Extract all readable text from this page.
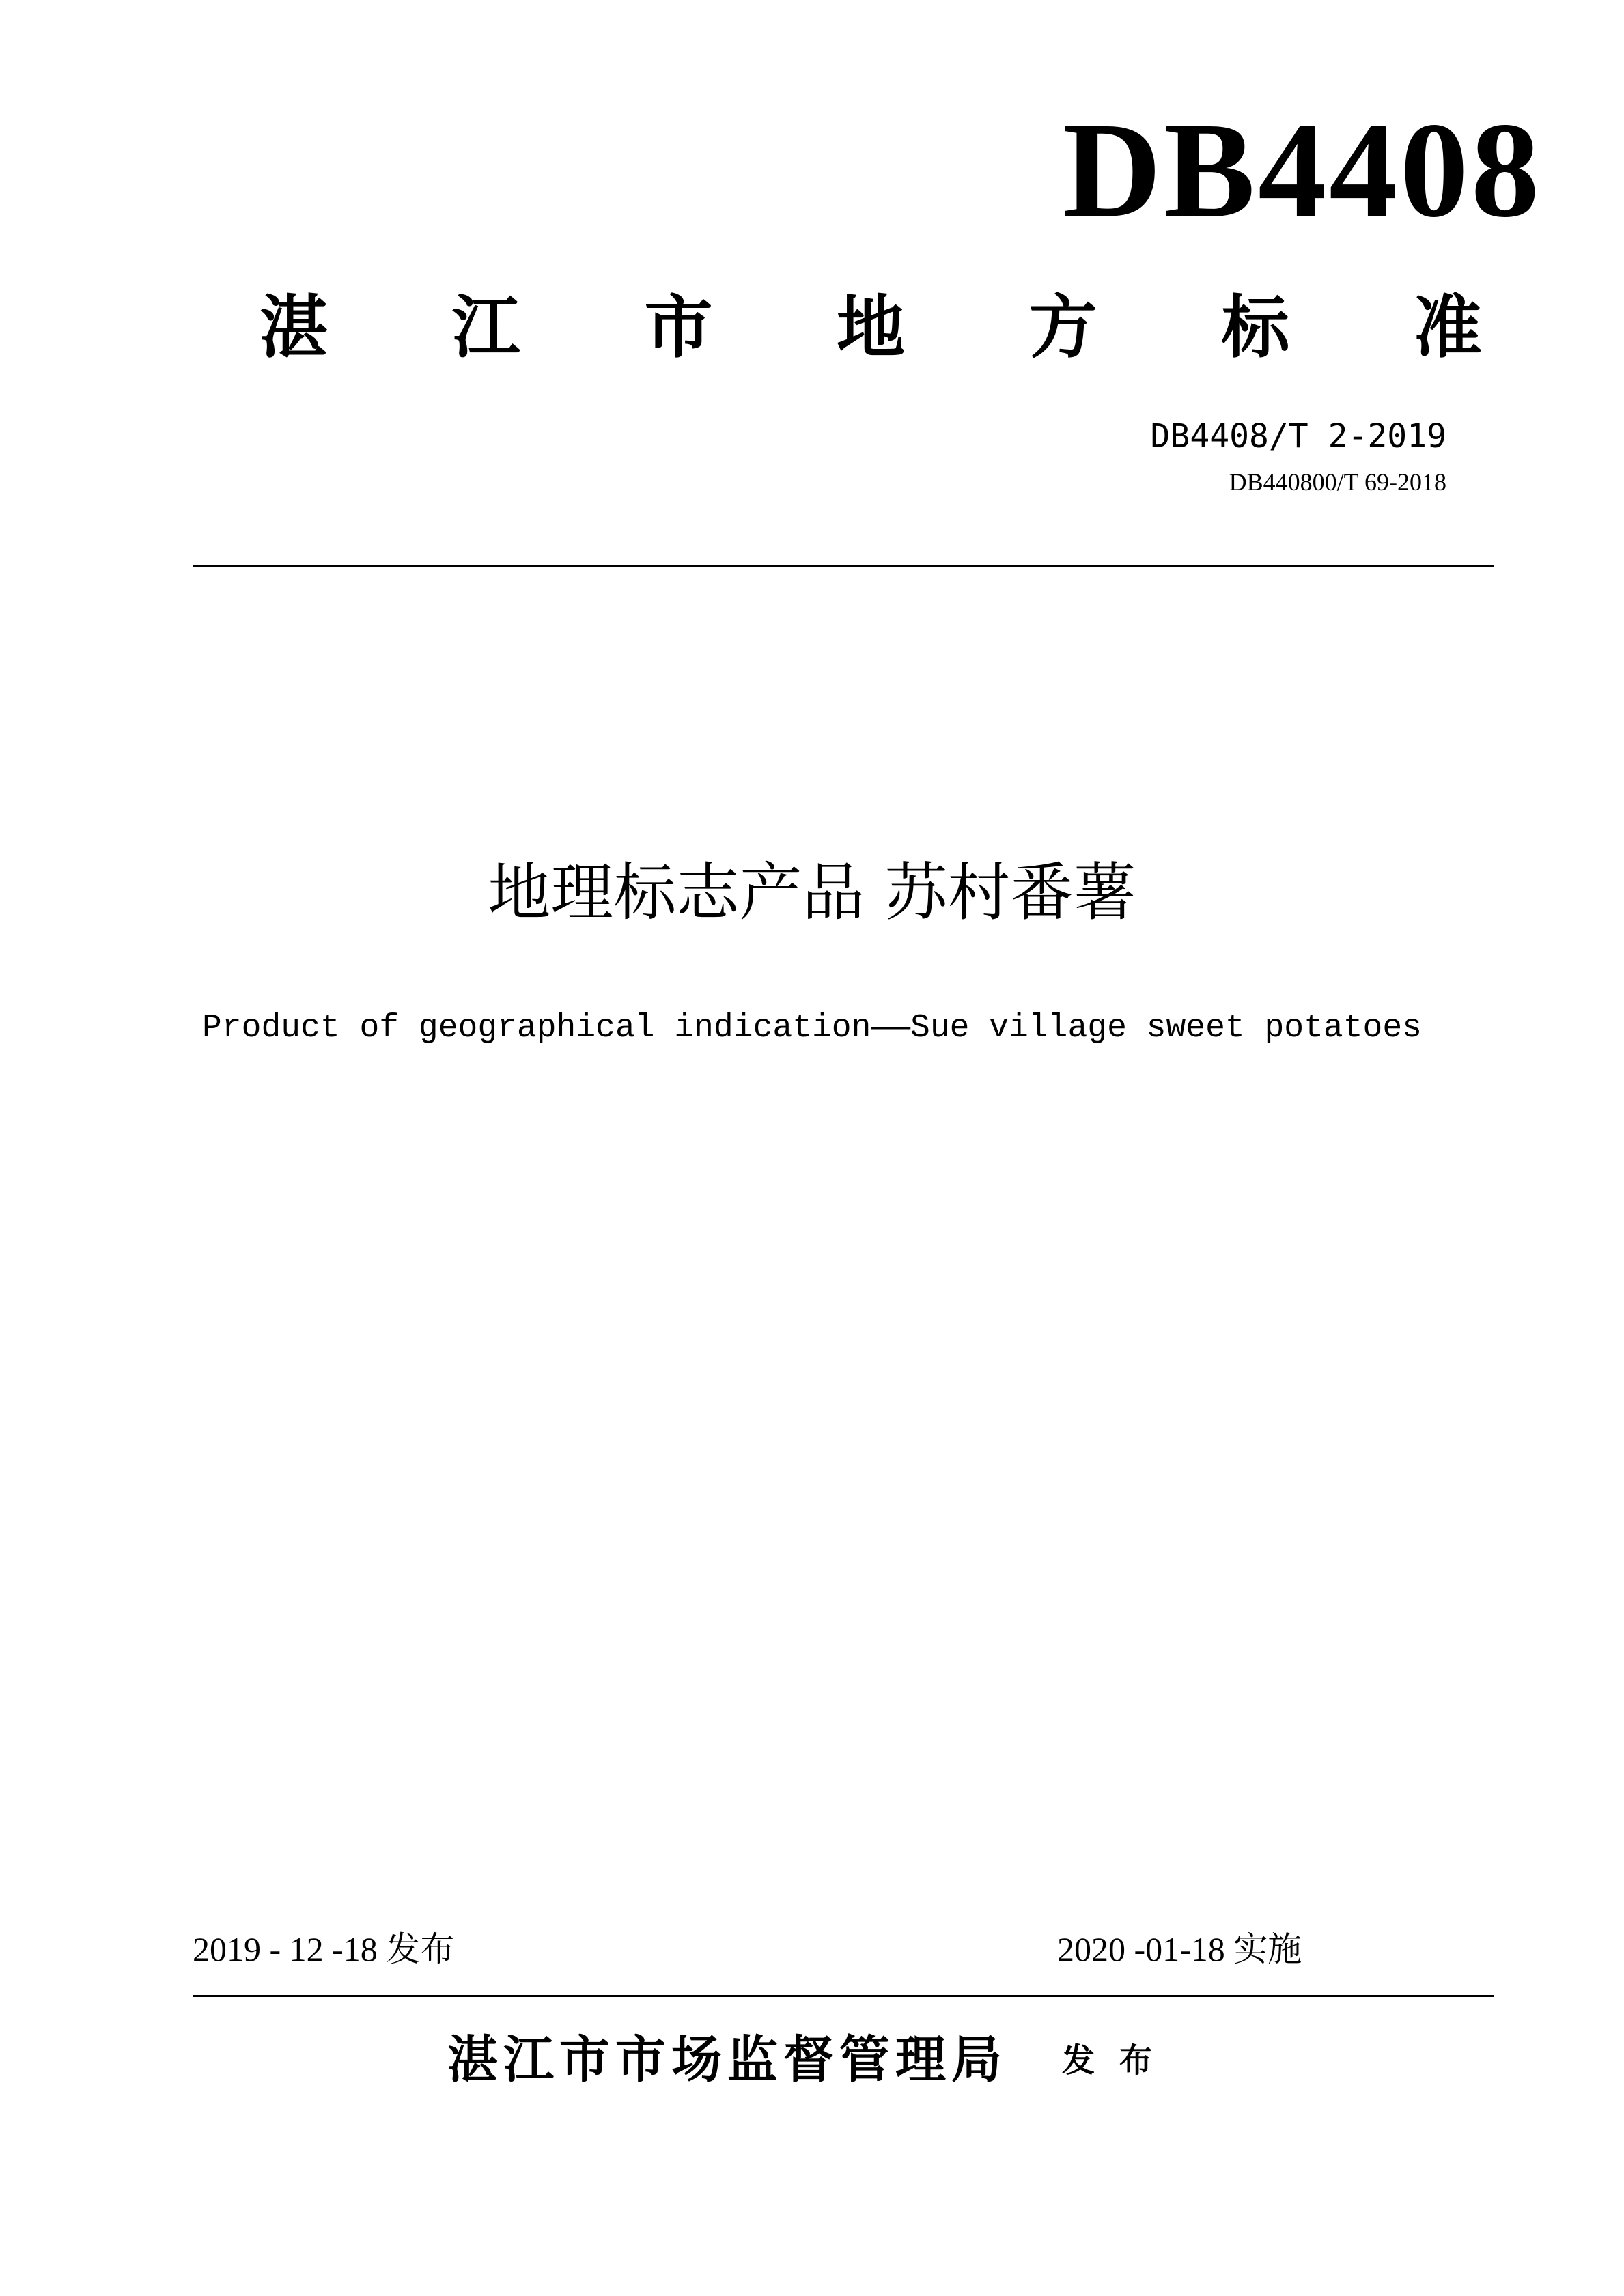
DB4408
湛 江 市 地 方 标 准
DB4408/T 2-2019
DB440800/T 69-2018
地理标志产品 苏村番薯
Product of geographical indication——Sue village sweet potatoes
2019 - 12 -18 发布	2020 -01-18 实施
湛江市市场监督管理局 发布
